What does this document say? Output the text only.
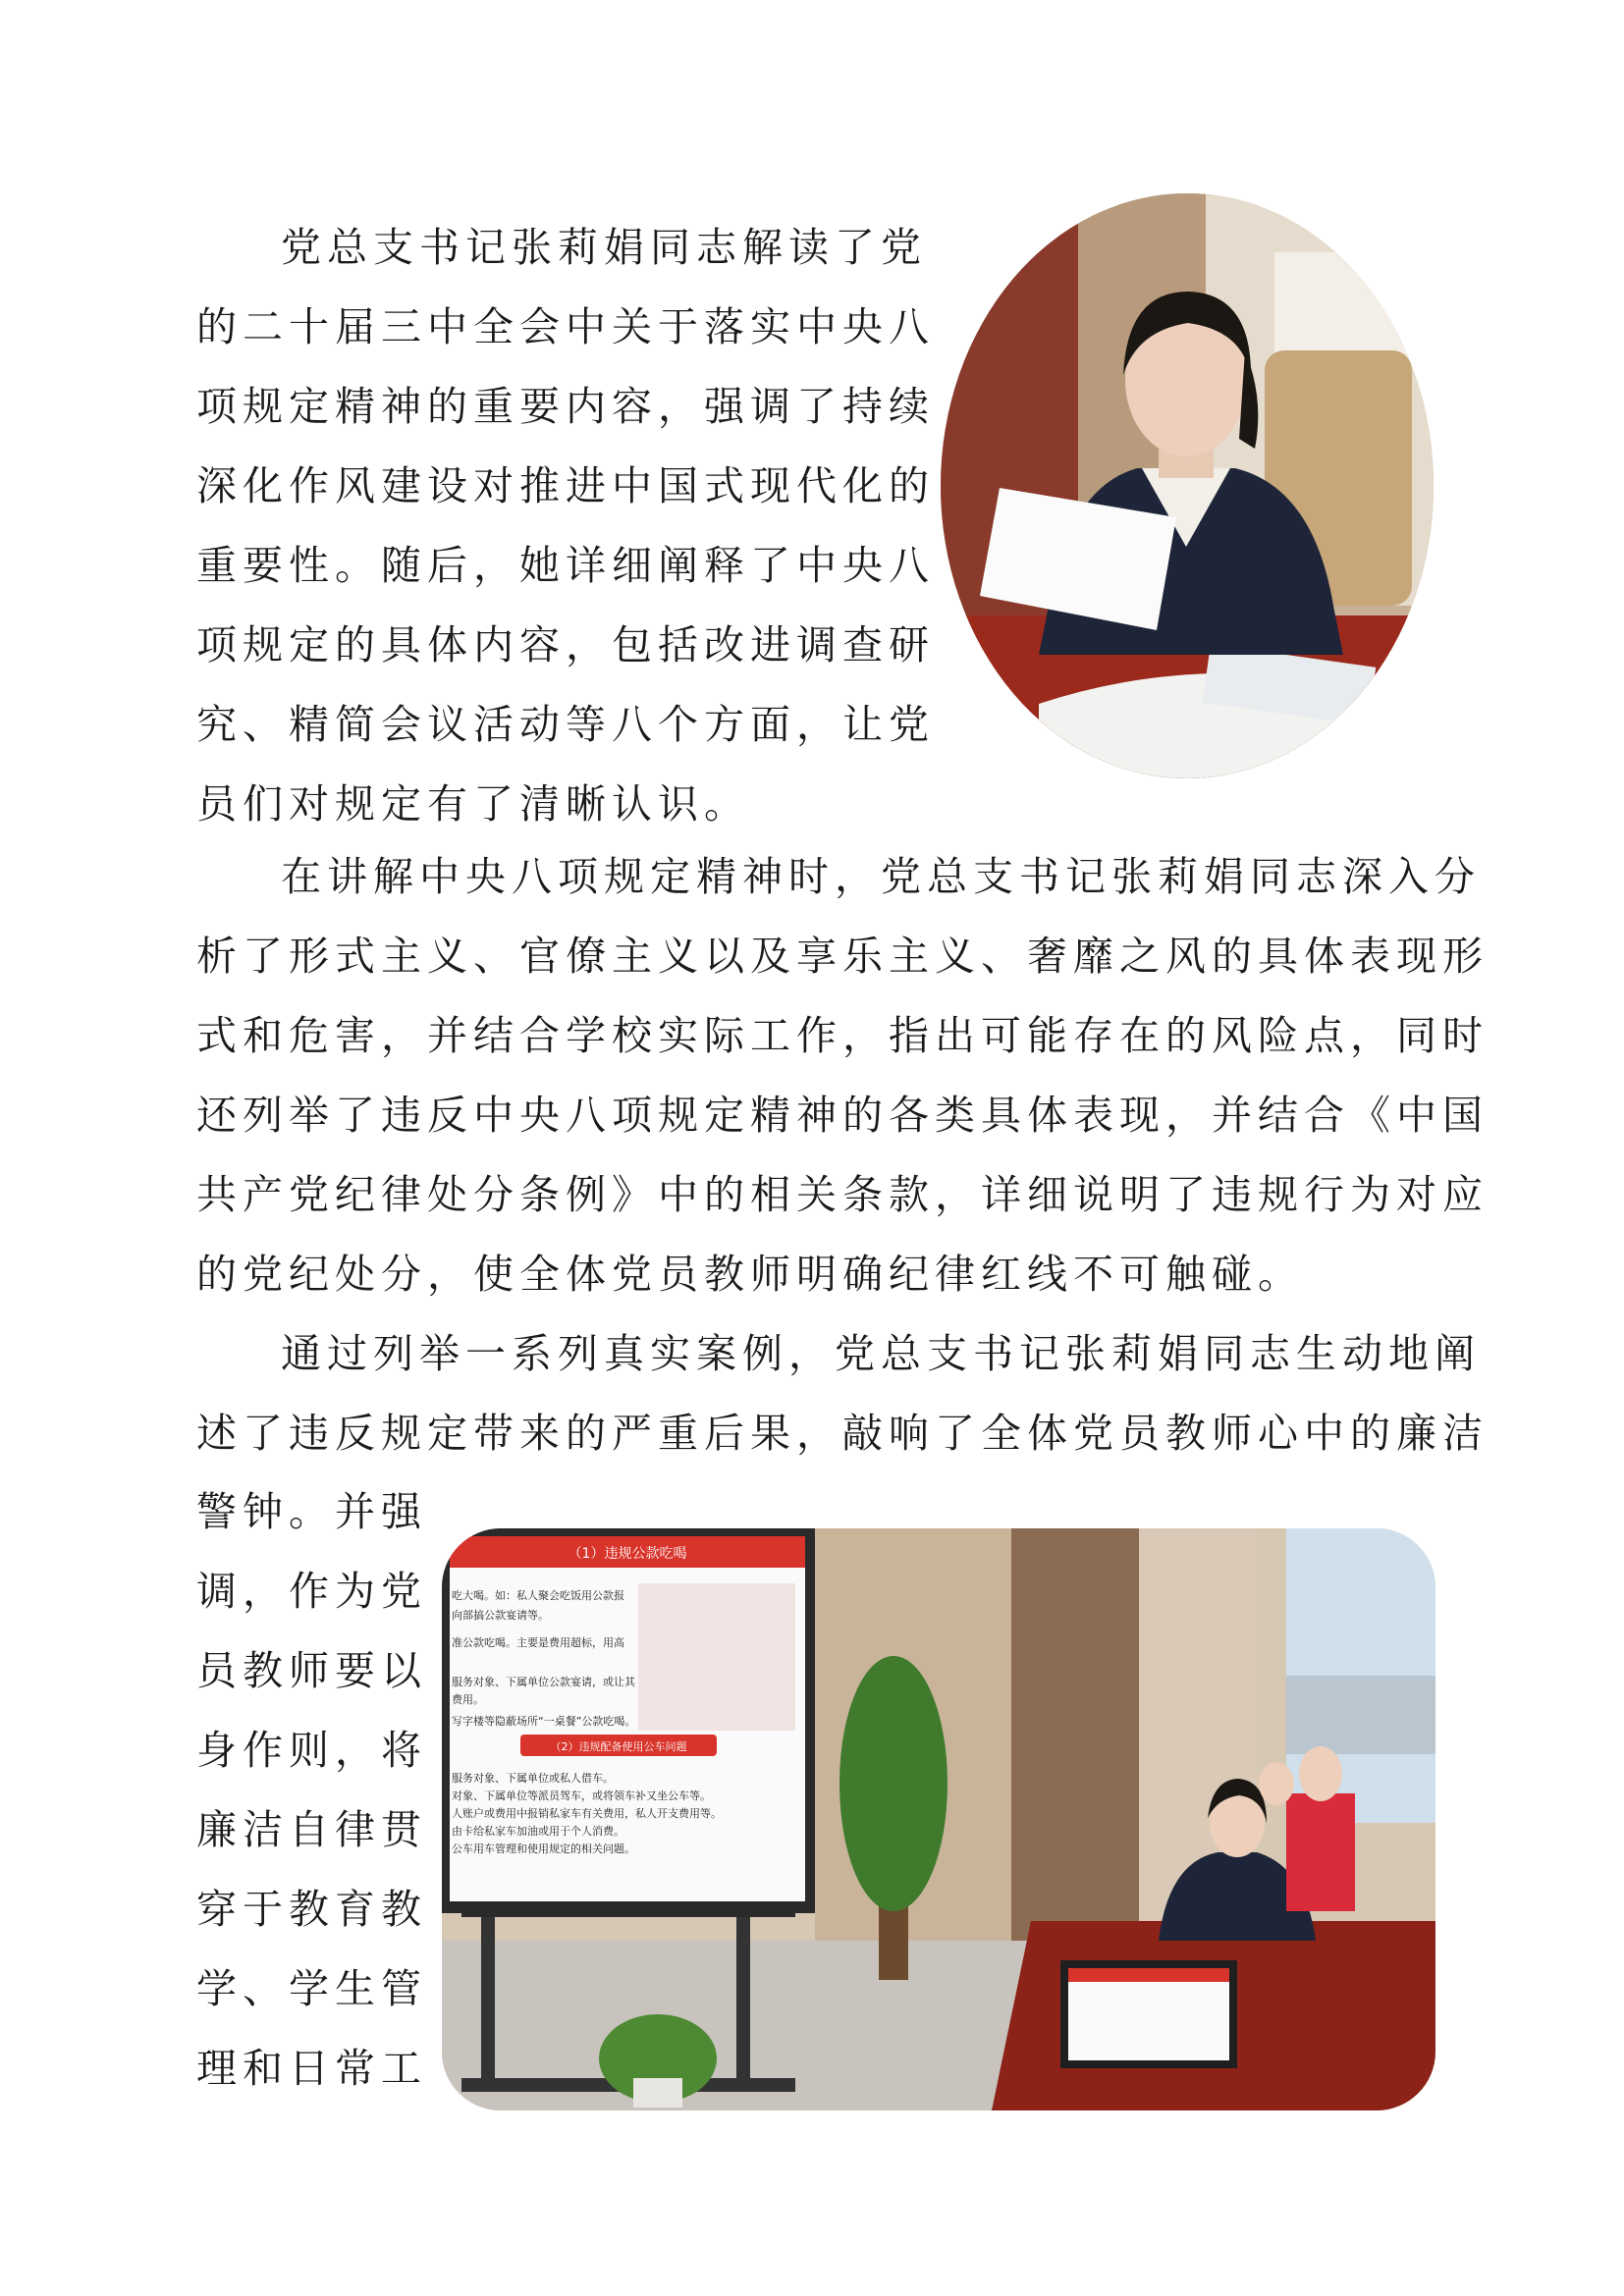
党总支书记张莉娟同志解读了党
的二十届三中全会中关于落实中央八
项规定精神的重要内容，强调了持续
深化作风建设对推进中国式现代化的
重要性。随后，她详细阐释了中央八
项规定的具体内容，包括改进调查研
究、精简会议活动等八个方面，让党
员们对规定有了清晰认识。

在讲解中央八项规定精神时，党总支书记张莉娟同志深入分
析了形式主义、官僚主义以及享乐主义、奢靡之风的具体表现形
式和危害，并结合学校实际工作，指出可能存在的风险点，同时
还列举了违反中央八项规定精神的各类具体表现，并结合《中国
共产党纪律处分条例》中的相关条款，详细说明了违规行为对应
的党纪处分，使全体党员教师明确纪律红线不可触碰。

通过列举一系列真实案例，党总支书记张莉娟同志生动地阐
述了违反规定带来的严重后果，敲响了全体党员教师心中的廉洁

警钟。并强
调，作为党
员教师要以
身作则，将
廉洁自律贯
穿于教育教
学、学生管
理和日常工

（1）违规公款吃喝
吃大喝。如：私人聚会吃饭用公款报
向部搞公款宴请等。
准公款吃喝。主要是费用超标，用高
服务对象、下属单位公款宴请，或让其
费用。
写字楼等隐蔽场所“一桌餐”公款吃喝。
（2）违规配备使用公车问题
服务对象、下属单位或私人借车。
对象、下属单位等派员驾车，或将领车补又坐公车等。
人账户或费用中报销私家车有关费用，私人开支费用等。
由卡给私家车加油或用于个人消费。
公车用车管理和使用规定的相关问题。
